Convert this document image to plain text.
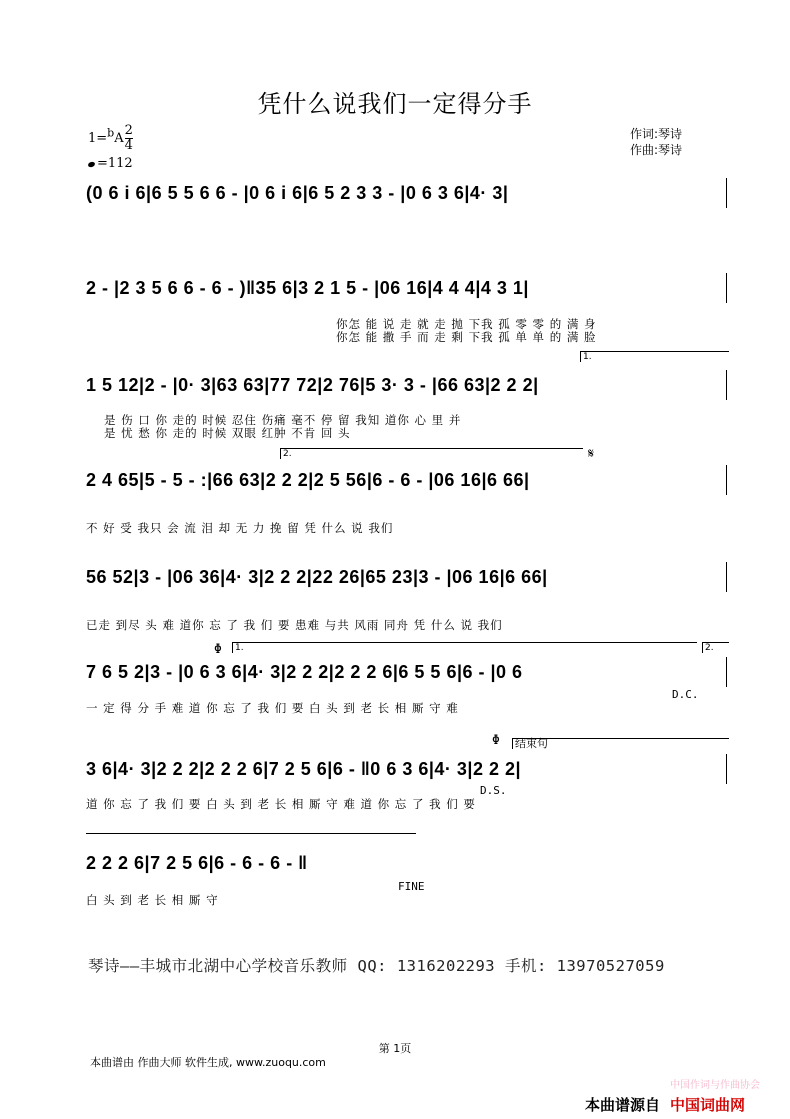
凭什么说我们一定得分手
$1=^bA \frac{2}{4}$
=112
作词:琴诗
作曲:琴诗
(0 6 i 6|6 5 5 6 6 - |0 6 i 6|6 5 2 3 3 - |0 6 3 6|4· 3|
2 - |2 3 5 6 6 - 6 - )‖35 6|3 2 1 5 - |06 16|4 4 4|4 3 1|
你怎 能 说 走 就 走 抛 下我 孤 零 零 的 满 身
你怎 能 撒 手 而 走 剩 下我 孤 单 单 的 满 脸
1.
1 5 12|2 - |0· 3|63 63|77 72|2 76|5 3· 3 - |66 63|2 2 2|
是 伤 口 你 走的 时候 忍住 伤痛 毫不 停 留 我知 道你 心 里 并
是 忧 愁 你 走的 时候 双眼 红肿 不肯 回 头
2.	𝄋
2 4 65|5 - 5 - :|66 63|2 2 2|2 5 56|6 - 6 - |06 16|6 66|
不 好 受 我只 会 流 泪 却 无 力 挽 留 凭 什么 说 我们
56 52|3 - |06 36|4· 3|2 2 2|22 26|65 23|3 - |06 16|6 66|
已走 到尽 头 难 道你 忘 了 我 们 要 患难 与共 风雨 同舟 凭 什么 说 我们
1.	2.
Φ
7 6 5 2|3 - |0 6 3 6|4· 3|2 2 2|2 2 2 6|6 5 5 6|6 - |0 6
D.C.
一 定 得 分 手 难 道 你 忘 了 我 们 要 白 头 到 老 长 相 厮 守 难
Φ 结束句
3 6|4· 3|2 2 2|2 2 2 6|7 2 5 6|6 - ‖0 6 3 6|4· 3|2 2 2|
D.S.
道 你 忘 了 我 们 要 白 头 到 老 长 相 厮 守 难 道 你 忘 了 我 们 要
2 2 2 6|7 2 5 6|6 - 6 - 6 - ‖
FINE
白 头 到 老 长 相 厮 守
琴诗——丰城市北湖中心学校音乐教师 QQ: 1316202293 手机: 13970527059
第 1页
本曲谱由 作曲大师 软件生成, www.zuoqu.com
中国作词与作曲协会
本曲谱源自 中国词曲网
